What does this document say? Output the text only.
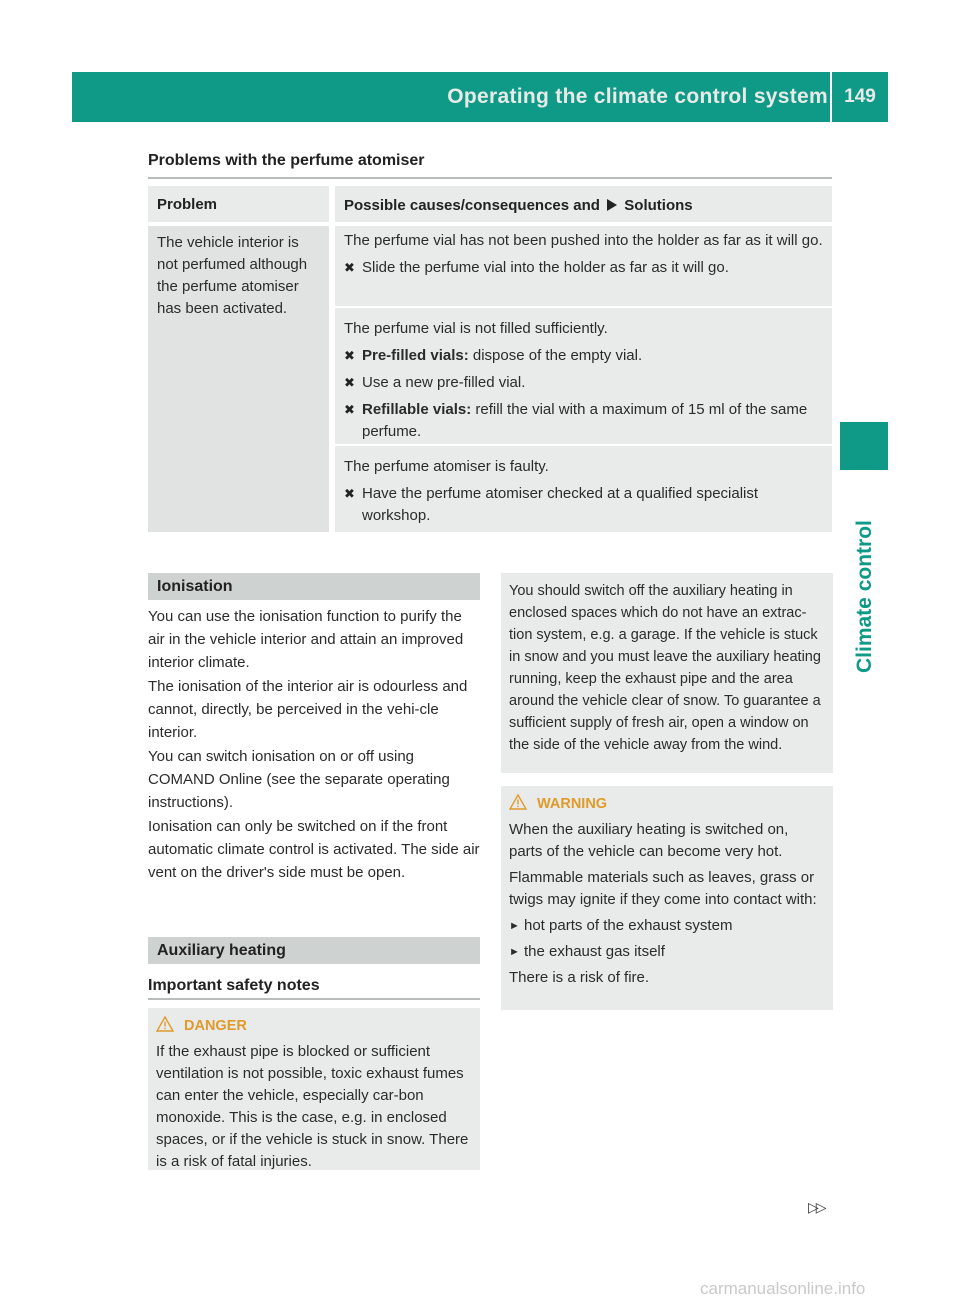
Operating the climate control system 149
Climate control
Problems with the perfume atomiser
Problem	Possible causes/consequences and Solutions
The vehicle interior is not perfumed although the perfume atomiser has been activated.

The perfume vial has not been pushed into the holder as far as it will go.

✖ Slide the perfume vial into the holder as far as it will go.

The perfume vial is not filled sufficiently.

✖ Pre-filled vials: dispose of the empty vial.
✖ Use a new pre-filled vial.
✖ Refillable vials: refill the vial with a maximum of 15 ml of the same perfume.

The perfume atomiser is faulty.

✖ Have the perfume atomiser checked at a qualified specialist workshop.
Ionisation

You can use the ionisation function to purify the air in the vehicle interior and attain an improved interior climate.

The ionisation of the interior air is odourless and cannot, directly, be perceived in the vehi-cle interior.

You can switch ionisation on or off using COMAND Online (see the separate operating instructions).

Ionisation can only be switched on if the front automatic climate control is activated. The side air vent on the driver's side must be open.

Auxiliary heating
Important safety notes
DANGER

If the exhaust pipe is blocked or sufficient ventilation is not possible, toxic exhaust fumes can enter the vehicle, especially car-bon monoxide. This is the case, e.g. in enclosed spaces, or if the vehicle is stuck in snow. There is a risk of fatal injuries.

You should switch off the auxiliary heating in enclosed spaces which do not have an extrac-tion system, e.g. a garage. If the vehicle is stuck in snow and you must leave the auxiliary heating running, keep the exhaust pipe and the area around the vehicle clear of snow. To guarantee a sufficient supply of fresh air, open a window on the side of the vehicle away from the wind.
WARNING

When the auxiliary heating is switched on, parts of the vehicle can become very hot.

Flammable materials such as leaves, grass or twigs may ignite if they come into contact with:

► hot parts of the exhaust system
► the exhaust gas itself

There is a risk of fire.

▷▷
carmanualsonline.info
